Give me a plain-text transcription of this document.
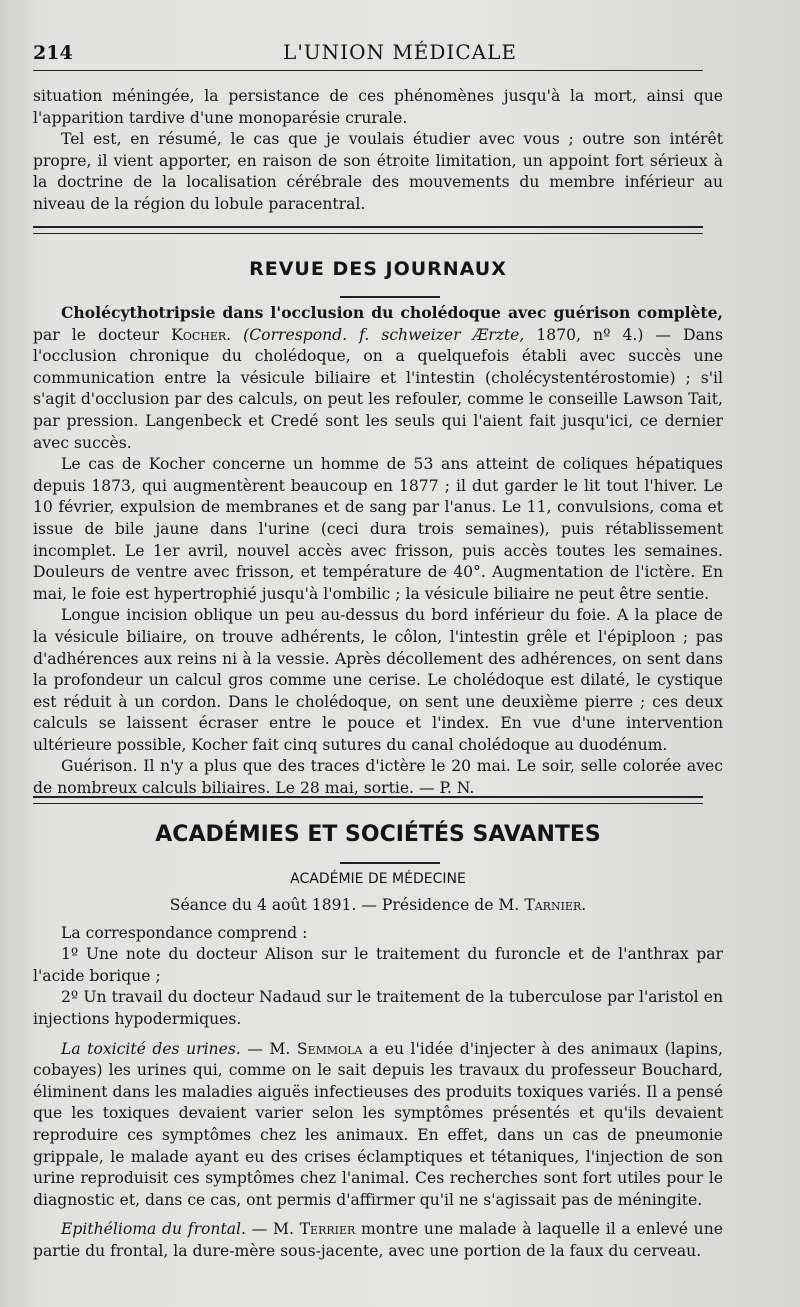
214	L'UNION MÉDICALE

situation méningée, la persistance de ces phénomènes jusqu'à la mort, ainsi que l'apparition tardive d'une monoparésie crurale.

Tel est, en résumé, le cas que je voulais étudier avec vous ; outre son intérêt propre, il vient apporter, en raison de son étroite limitation, un appoint fort sérieux à la doctrine de la localisation cérébrale des mouvements du membre inférieur au niveau de la région du lobule paracentral.

REVUE DES JOURNAUX

Cholécythotripsie dans l'occlusion du cholédoque avec guérison complète, par le docteur Kocher. (Correspond. f. schweizer Ærzte, 1870, nº 4.) — Dans l'occlusion chronique du cholédoque, on a quelquefois établi avec succès une communication entre la vésicule biliaire et l'intestin (cholécystentérostomie) ; s'il s'agit d'occlusion par des calculs, on peut les refouler, comme le conseille Lawson Tait, par pression. Langenbeck et Credé sont les seuls qui l'aient fait jusqu'ici, ce dernier avec succès.

Le cas de Kocher concerne un homme de 53 ans atteint de coliques hépatiques depuis 1873, qui augmentèrent beaucoup en 1877 ; il dut garder le lit tout l'hiver. Le 10 février, expulsion de membranes et de sang par l'anus. Le 11, convulsions, coma et issue de bile jaune dans l'urine (ceci dura trois semaines), puis rétablissement incomplet. Le 1er avril, nouvel accès avec frisson, puis accès toutes les semaines. Douleurs de ventre avec frisson, et température de 40°. Augmentation de l'ictère. En mai, le foie est hypertrophié jusqu'à l'ombilic ; la vésicule biliaire ne peut être sentie.

Longue incision oblique un peu au-dessus du bord inférieur du foie. A la place de la vésicule biliaire, on trouve adhérents, le côlon, l'intestin grêle et l'épiploon ; pas d'adhérences aux reins ni à la vessie. Après décollement des adhérences, on sent dans la profondeur un calcul gros comme une cerise. Le cholédoque est dilaté, le cystique est réduit à un cordon. Dans le cholédoque, on sent une deuxième pierre ; ces deux calculs se laissent écraser entre le pouce et l'index. En vue d'une intervention ultérieure possible, Kocher fait cinq sutures du canal cholédoque au duodénum.

Guérison. Il n'y a plus que des traces d'ictère le 20 mai. Le soir, selle colorée avec de nombreux calculs biliaires. Le 28 mai, sortie. — P. N.

ACADÉMIES ET SOCIÉTÉS SAVANTES
ACADÉMIE DE MÉDECINE

Séance du 4 août 1891. — Présidence de M. Tarnier.

La correspondance comprend :

1º Une note du docteur Alison sur le traitement du furoncle et de l'anthrax par l'acide borique ;

2º Un travail du docteur Nadaud sur le traitement de la tuberculose par l'aristol en injections hypodermiques.

La toxicité des urines. — M. Semmola a eu l'idée d'injecter à des animaux (lapins, cobayes) les urines qui, comme on le sait depuis les travaux du professeur Bouchard, éliminent dans les maladies aiguës infectieuses des produits toxiques variés. Il a pensé que les toxiques devaient varier selon les symptômes présentés et qu'ils devaient reproduire ces symptômes chez les animaux. En effet, dans un cas de pneumonie grippale, le malade ayant eu des crises éclamptiques et tétaniques, l'injection de son urine reproduisit ces symptômes chez l'animal. Ces recherches sont fort utiles pour le diagnostic et, dans ce cas, ont permis d'affirmer qu'il ne s'agissait pas de méningite.

Epithélioma du frontal. — M. Terrier montre une malade à laquelle il a enlevé une partie du frontal, la dure-mère sous-jacente, avec une portion de la faux du cerveau.
